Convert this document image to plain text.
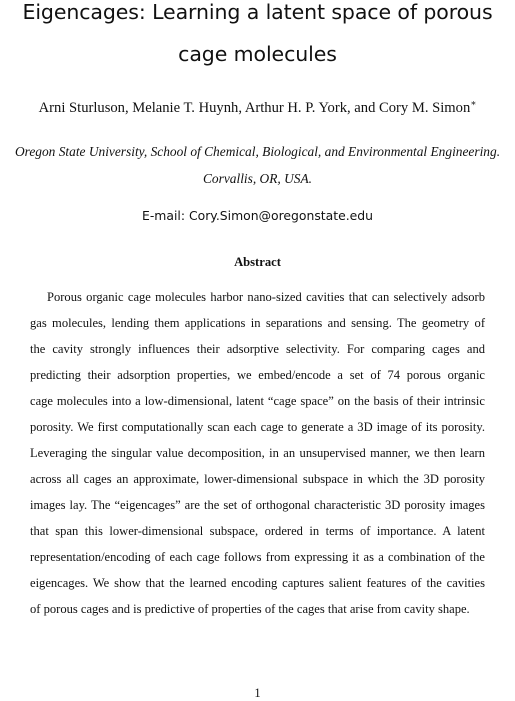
Eigencages: Learning a latent space of porous
cage molecules
Arni Sturluson, Melanie T. Huynh, Arthur H. P. York, and Cory M. Simon∗
Oregon State University, School of Chemical, Biological, and Environmental Engineering.
Corvallis, OR, USA.
E-mail: Cory.Simon@oregonstate.edu
Abstract
Porous organic cage molecules harbor nano-sized cavities that can selectively adsorb
gas molecules, lending them applications in separations and sensing. The geometry of
the cavity strongly influences their adsorptive selectivity. For comparing cages and
predicting their adsorption properties, we embed/encode a set of 74 porous organic
cage molecules into a low-dimensional, latent “cage space” on the basis of their intrinsic
porosity. We first computationally scan each cage to generate a 3D image of its porosity.
Leveraging the singular value decomposition, in an unsupervised manner, we then learn
across all cages an approximate, lower-dimensional subspace in which the 3D porosity
images lay. The “eigencages” are the set of orthogonal characteristic 3D porosity images
that span this lower-dimensional subspace, ordered in terms of importance. A latent
representation/encoding of each cage follows from expressing it as a combination of the
eigencages. We show that the learned encoding captures salient features of the cavities
of porous cages and is predictive of properties of the cages that arise from cavity shape.
1
